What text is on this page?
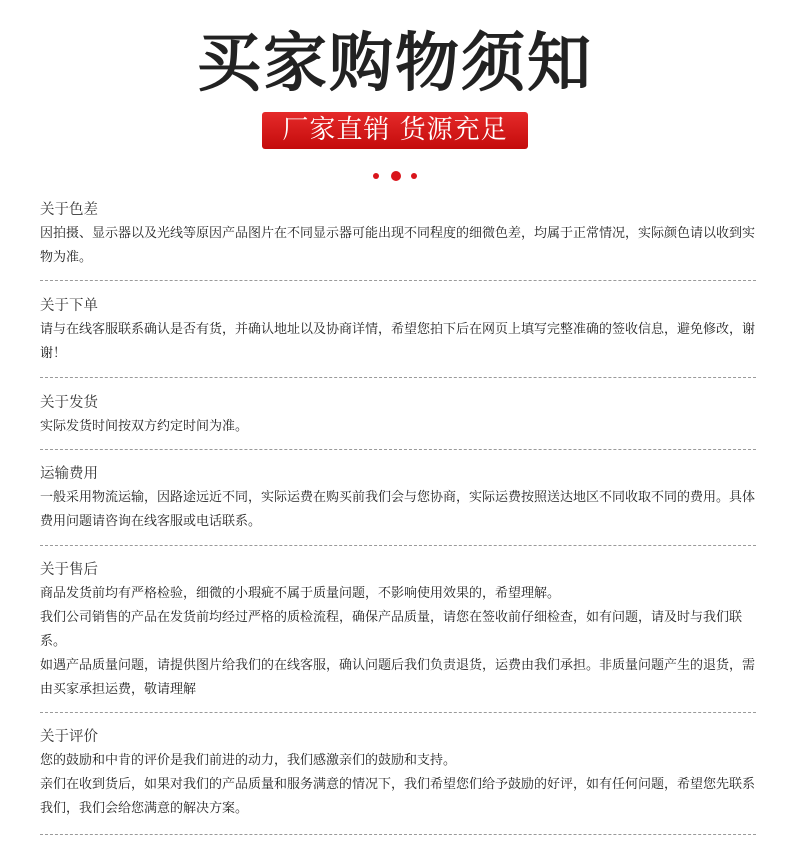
买家购物须知
厂家直销 货源充足
关于色差

因拍摄、显示器以及光线等原因产品图片在不同显示器可能出现不同程度的细微色差，均属于正常情况，实际颜色请以收到实物为准。

关于下单

请与在线客服联系确认是否有货，并确认地址以及协商详情，希望您拍下后在网页上填写完整准确的签收信息，避免修改，谢谢！

关于发货

实际发货时间按双方约定时间为准。

运输费用

一般采用物流运输，因路途远近不同，实际运费在购买前我们会与您协商，实际运费按照送达地区不同收取不同的费用。具体费用问题请咨询在线客服或电话联系。

关于售后

商品发货前均有严格检验，细微的小瑕疵不属于质量问题，不影响使用效果的，希望理解。

我们公司销售的产品在发货前均经过严格的质检流程，确保产品质量，请您在签收前仔细检查，如有问题，请及时与我们联系。

如遇产品质量问题，请提供图片给我们的在线客服，确认问题后我们负责退货，运费由我们承担。非质量问题产生的退货，需由买家承担运费，敬请理解

关于评价

您的鼓励和中肯的评价是我们前进的动力，我们感激亲们的鼓励和支持。

亲们在收到货后，如果对我们的产品质量和服务满意的情况下，我们希望您们给予鼓励的好评，如有任何问题，希望您先联系我们，我们会给您满意的解决方案。
